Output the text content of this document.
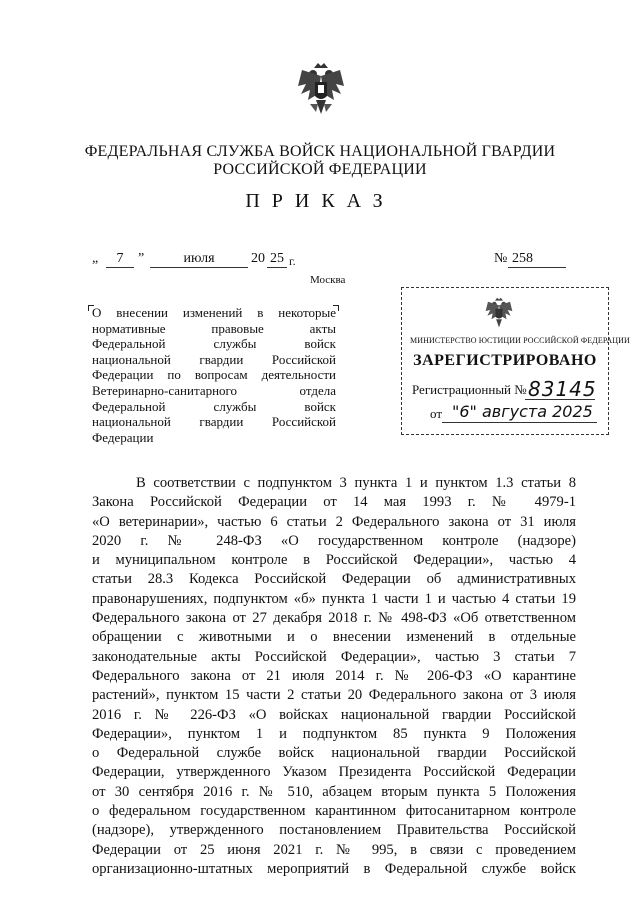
ФЕДЕРАЛЬНАЯ СЛУЖБА ВОЙСК НАЦИОНАЛЬНОЙ ГВАРДИИ
РОССИЙСКОЙ ФЕДЕРАЦИИ
ПРИКАЗ
„	7	”	июля	20 25 г.	№ 258
Москва
О внесении изменений в некоторые
нормативные правовые акты
Федеральной службы войск
национальной гвардии Российской
Федерации по вопросам деятельности
Ветеринарно-санитарного отдела
Федеральной службы войск
национальной гвардии Российской
Федерации
МИНИСТЕРСТВО ЮСТИЦИИ РОССИЙСКОЙ ФЕДЕРАЦИИ
ЗАРЕГИСТРИРОВАНО
Регистрационный № 83145
от "6" августа 2025
В соответствии с подпунктом 3 пункта 1 и пунктом 1.3 статьи 8
Закона Российской Федерации от 14 мая 1993 г. № 4979-1
«О ветеринарии», частью 6 статьи 2 Федерального закона от 31 июля
2020 г. № 248-ФЗ «О государственном контроле (надзоре)
и муниципальном контроле в Российской Федерации», частью 4
статьи 28.3 Кодекса Российской Федерации об административных
правонарушениях, подпунктом «б» пункта 1 части 1 и частью 4 статьи 19
Федерального закона от 27 декабря 2018 г. № 498-ФЗ «Об ответственном
обращении с животными и о внесении изменений в отдельные
законодательные акты Российской Федерации», частью 3 статьи 7
Федерального закона от 21 июля 2014 г. № 206-ФЗ «О карантине
растений», пунктом 15 части 2 статьи 20 Федерального закона от 3 июля
2016 г. № 226-ФЗ «О войсках национальной гвардии Российской
Федерации», пунктом 1 и подпунктом 85 пункта 9 Положения
о Федеральной службе войск национальной гвардии Российской
Федерации, утвержденного Указом Президента Российской Федерации
от 30 сентября 2016 г. № 510, абзацем вторым пункта 5 Положения
о федеральном государственном карантинном фитосанитарном контроле
(надзоре), утвержденного постановлением Правительства Российской
Федерации от 25 июня 2021 г. № 995, в связи с проведением
организационно-штатных мероприятий в Федеральной службе войск
